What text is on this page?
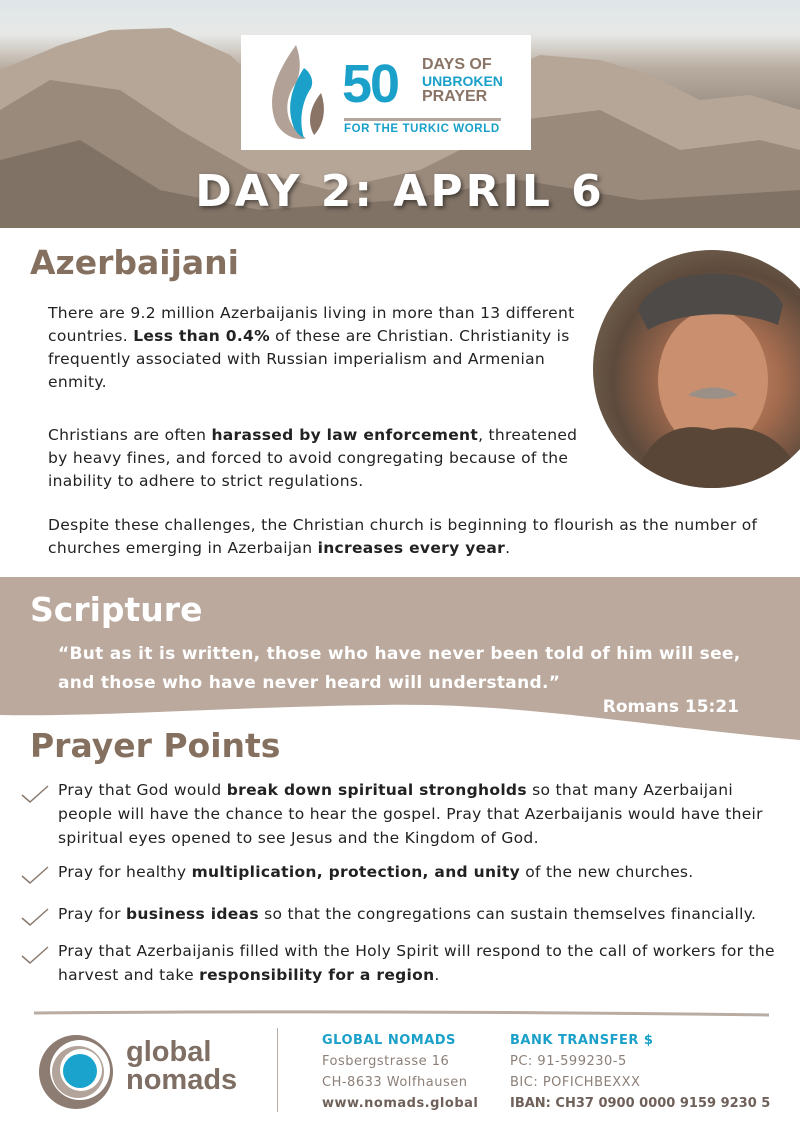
50 DAYS OF
UNBROKEN
PRAYER
FOR THE TURKIC WORLD
DAY 2: APRIL 6
Azerbaijani
There are 9.2 million Azerbaijanis living in more than 13 different countries. Less than 0.4% of these are Christian. Christianity is frequently associated with Russian imperialism and Armenian enmity.
Christians are often harassed by law enforcement, threatened by heavy fines, and forced to avoid congregating because of the inability to adhere to strict regulations.
Despite these challenges, the Christian church is beginning to flourish as the number of churches emerging in Azerbaijan increases every year.
Scripture
“But as it is written, those who have never been told of him will see,
and those who have never heard will understand.”
Romans 15:21
Prayer Points
Pray that God would break down spiritual strongholds so that many Azerbaijani people will have the chance to hear the gospel. Pray that Azerbaijanis would have their spiritual eyes opened to see Jesus and the Kingdom of God.
Pray for healthy multiplication, protection, and unity of the new churches.
Pray for business ideas so that the congregations can sustain themselves financially.
Pray that Azerbaijanis filled with the Holy Spirit will respond to the call of workers for the harvest and take responsibility for a region.
global
nomads
GLOBAL NOMADS
Fosbergstrasse 16
CH-8633 Wolfhausen
www.nomads.global
BANK TRANSFER $
PC: 91-599230-5
BIC: POFICHBEXXX
IBAN: CH37 0900 0000 9159 9230 5
